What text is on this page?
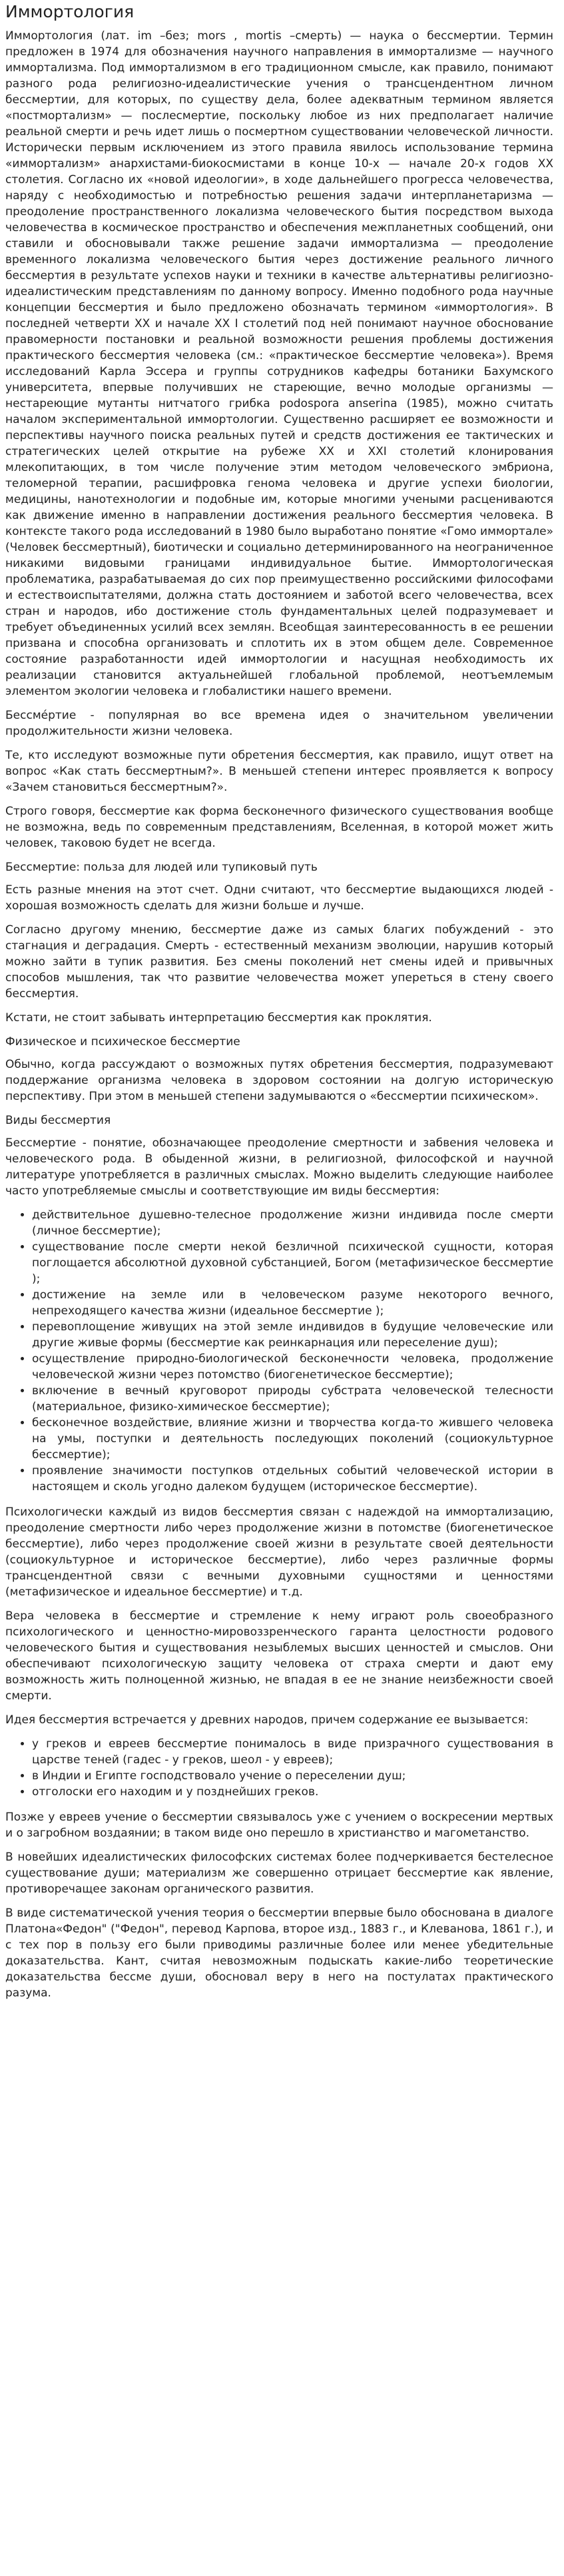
Иммортология

Иммортология (лат. im –без; mors , mortis –смерть) — наука о бессмертии. Термин предложен в 1974 для обозначения научного направления в иммортализме — научного иммортализма. Под иммортализмом в его традиционном смысле, как правило, понимают разного рода религиозно-идеалистические учения о трансцендентном личном бессмертии, для которых, по существу дела, более адекватным термином является «постмортализм» — послесмертие, поскольку любое из них предполагает наличие реальной смерти и речь идет лишь о посмертном существовании человеческой личности. Исторически первым исключением из этого правила явилось использование термина «иммортализм» анархистами-биокосмистами в конце 10-х — начале 20-х годов XX столетия. Согласно их «новой идеологии», в ходе дальнейшего прогресса человечества, наряду с необходимостью и потребностью решения задачи интерпланетаризма — преодоление пространственного локализма человеческого бытия посредством выхода человечества в космическое пространство и обеспечения межпланетных сообщений, они ставили и обосновывали также решение задачи иммортализма — преодоление временного локализма человеческого бытия через достижение реального личного бессмертия в результате успехов науки и техники в качестве альтернативы религиозно-идеалистическим представлениям по данному вопросу. Именно подобного рода научные концепции бессмертия и было предложено обозначать термином «иммортология». В последней четверти XX и начале XX I столетий под ней понимают научное обоснование правомерности постановки и реальной возможности решения проблемы достижения практического бессмертия человека (см.: «практическое бессмертие человека»). Время исследований Карла Эссера и группы сотрудников кафедры ботаники Бахумского университета, впервые получивших не стареющие, вечно молодые организмы — нестареющие мутанты нитчатого грибка podospora anserina (1985), можно считать началом экспериментальной иммортологии. Существенно расширяет ее возможности и перспективы научного поиска реальных путей и средств достижения ее тактических и стратегических целей открытие на рубеже XX и XXI столетий клонирования млекопитающих, в том числе получение этим методом человеческого эмбриона, теломерной терапии, расшифровка генома человека и другие успехи биологии, медицины, нанотехнологии и подобные им, которые многими учеными расцениваются как движение именно в направлении достижения реального бессмертия человека. В контексте такого рода исследований в 1980 было выработано понятие «Гомо иммортале» (Человек бессмертный), биотически и социально детерминированного на неограниченное никакими видовыми границами индивидуальное бытие. Иммортологическая проблематика, разрабатываемая до сих пор преимущественно российскими философами и естествоиспытателями, должна стать достоянием и заботой всего человечества, всех стран и народов, ибо достижение столь фундаментальных целей подразумевает и требует объединенных усилий всех землян. Всеобщая заинтересованность в ее решении призвана и способна организовать и сплотить их в этом общем деле. Современное состояние разработанности идей иммортологии и насущная необходимость их реализации становится актуальнейшей глобальной проблемой, неотъемлемым элементом экологии человека и глобалистики нашего времени.

Бессмéртие - популярная во все времена идея о значительном увеличении продолжительности жизни человека.

Те, кто исследуют возможные пути обретения бессмертия, как правило, ищут ответ на вопрос «Как стать бессмертным?». В меньшей степени интерес проявляется к вопросу «Зачем становиться бессмертным?».

Строго говоря, бессмертие как форма бесконечного физического существования вообще не возможна, ведь по современным представлениям, Вселенная, в которой может жить человек, таковою будет не всегда.

Бессмертие: польза для людей или тупиковый путь

Есть разные мнения на этот счет. Одни считают, что бессмертие выдающихся людей - хорошая возможность сделать для жизни больше и лучше.

Согласно другому мнению, бессмертие даже из самых благих побуждений - это стагнация и деградация. Смерть - естественный механизм эволюции, нарушив который можно зайти в тупик развития. Без смены поколений нет смены идей и привычных способов мышления, так что развитие человечества может упереться в стену своего бессмертия.

Кстати, не стоит забывать интерпретацию бессмертия как проклятия.

Физическое и психическое бессмертие

Обычно, когда рассуждают о возможных путях обретения бессмертия, подразумевают поддержание организма человека в здоровом состоянии на долгую историческую перспективу. При этом в меньшей степени задумываются о «бессмертии психическом».

Виды бессмертия

Бессмертие - понятие, обозначающее преодоление смертности и забвения человека и человеческого рода. В обыденной жизни, в религиозной, философской и научной литературе употребляется в различных смыслах. Можно выделить следующие наиболее часто употребляемые смыслы и соответствующие им виды бессмертия:

• действительное душевно-телесное продолжение жизни индивида после смерти (личное бессмертие);
• существование после смерти некой безличной психической сущности, которая поглощается абсолютной духовной субстанцией, Богом (метафизическое бессмертие );
• достижение на земле или в человеческом разуме некоторого вечного, непреходящего качества жизни (идеальное бессмертие );
• перевоплощение живущих на этой земле индивидов в будущие человеческие или другие живые формы (бессмертие как реинкарнация или переселение душ);
• осуществление природно-биологической бесконечности человека, продолжение человеческой жизни через потомство (биогенетическое бессмертие);
• включение в вечный круговорот природы субстрата человеческой телесности (материальное, физико-химическое бессмертие);
• бесконечное воздействие, влияние жизни и творчества когда-то жившего человека на умы, поступки и деятельность последующих поколений (социокультурное бессмертие);
• проявление значимости поступков отдельных событий человеческой истории в настоящем и сколь угодно далеком будущем (историческое бессмертие).

Психологически каждый из видов бессмертия связан с надеждой на иммортализацию, преодоление смертности либо через продолжение жизни в потомстве (биогенетическое бессмертие), либо через продолжение своей жизни в результате своей деятельности (социокультурное и историческое бессмертие), либо через различные формы трансцендентной связи с вечными духовными сущностями и ценностями (метафизическое и идеальное бессмертие) и т.д.

Вера человека в бессмертие и стремление к нему играют роль своеобразного психологического и ценностно-мировоззренческого гаранта целостности родового человеческого бытия и существования незыблемых высших ценностей и смыслов. Они обеспечивают психологическую защиту человека от страха смерти и дают ему возможность жить полноценной жизнью, не впадая в ее не знание неизбежности своей смерти.

Идея бессмертия встречается у древних народов, причем содержание ее вызывается:

• у греков и евреев бессмертие понималось в виде призрачного существования в царстве теней (гадес - у греков, шеол - у евреев);
• в Индии и Египте господствовало учение о переселении душ;
• отголоски его находим и у позднейших греков.

Позже у евреев учение о бессмертии связывалось уже с учением о воскресении мертвых и о загробном воздаянии; в таком виде оно перешло в христианство и магометанство.

В новейших идеалистических философских системах более подчеркивается бестелесное существование души; материализм же совершенно отрицает бессмертие как явление, противоречащее законам органического развития.

В виде систематической учения теория о бессмертии впервые было обоснована в диалоге Платона«Федон" ("Федон", перевод Карпова, второе изд., 1883 г., и Клеванова, 1861 г.), и с тех пор в пользу его были приводимы различные более или менее убедительные доказательства. Кант, считая невозможным подыскать какие-либо теоретические доказательства бессме души, обосновал веру в него на постулатах практического разума.
